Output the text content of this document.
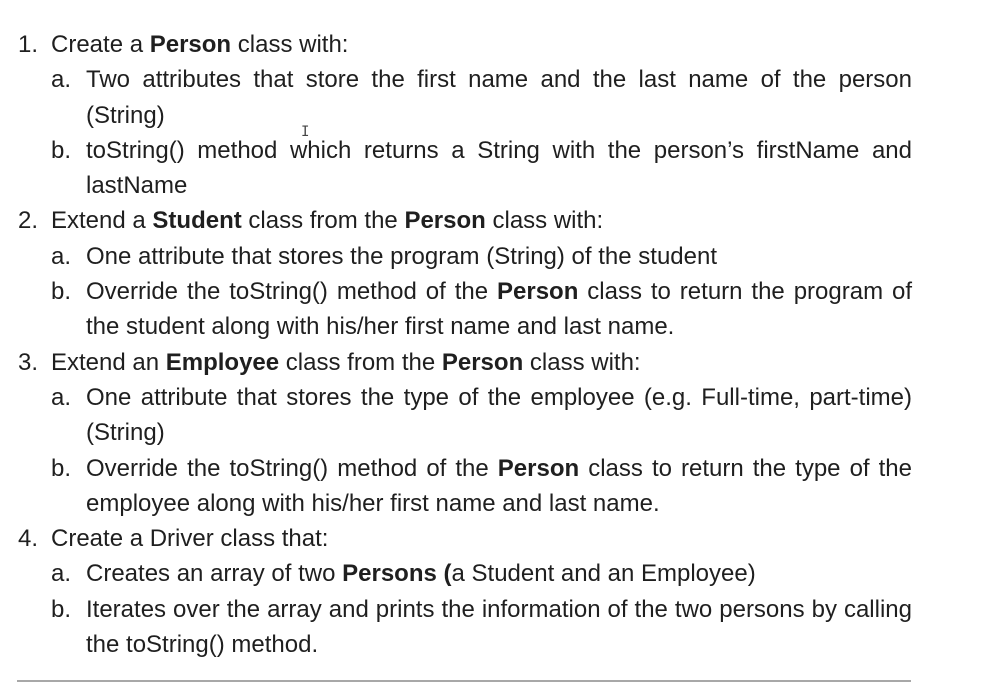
1. Create a Person class with:
a. Two attributes that store the first name and the last name of the person (String)
b. toString() method which returns a String with the person’s firstName and lastName
2. Extend a Student class from the Person class with:
a. One attribute that stores the program (String) of the student
b. Override the toString() method of the Person class to return the program of the student along with his/her first name and last name.
3. Extend an Employee class from the Person class with:
a. One attribute that stores the type of the employee (e.g. Full-time, part-time) (String)
b. Override the toString() method of the Person class to return the type of the employee along with his/her first name and last name.
4. Create a Driver class that:
a. Creates an array of two Persons (a Student and an Employee)
b. Iterates over the array and prints the information of the two persons by calling the toString() method.
I
